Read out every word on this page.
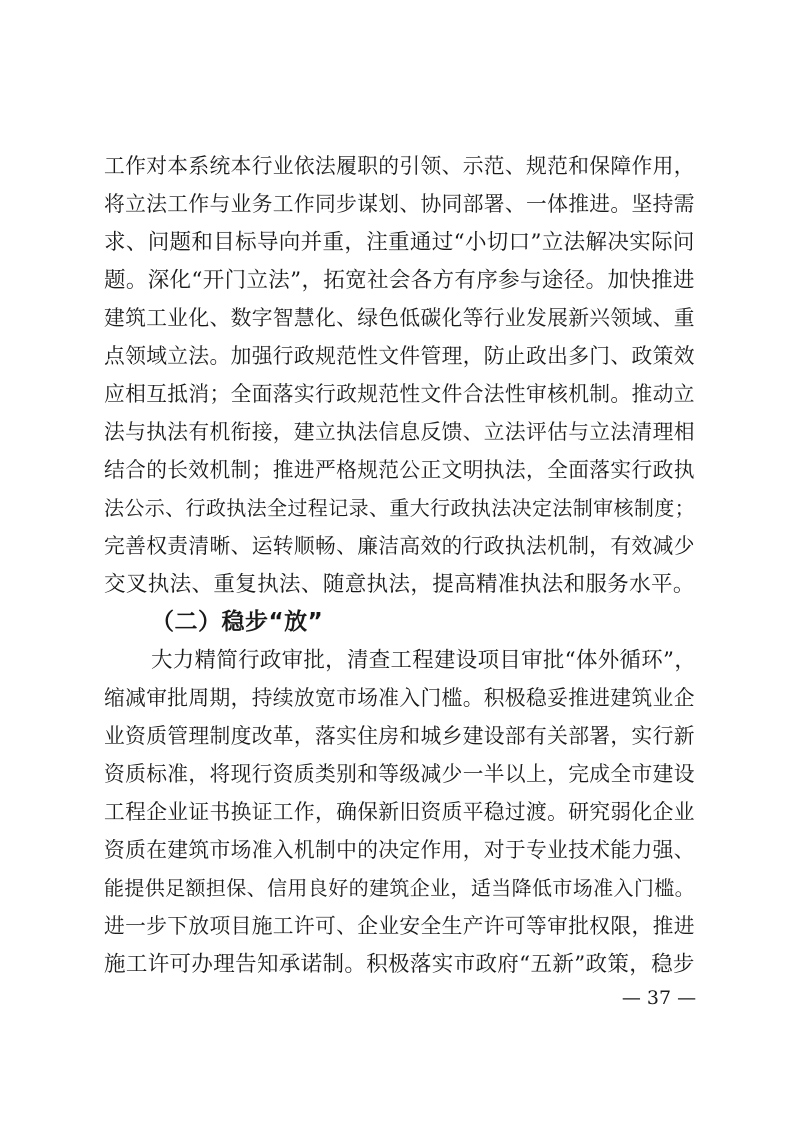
工作对本系统本行业依法履职的引领、示范、规范和保障作用，
将立法工作与业务工作同步谋划、协同部署、一体推进。坚持需
求、问题和目标导向并重，注重通过“小切口”立法解决实际问
题。深化“开门立法”，拓宽社会各方有序参与途径。加快推进
建筑工业化、数字智慧化、绿色低碳化等行业发展新兴领域、重
点领域立法。加强行政规范性文件管理，防止政出多门、政策效
应相互抵消；全面落实行政规范性文件合法性审核机制。推动立
法与执法有机衔接，建立执法信息反馈、立法评估与立法清理相
结合的长效机制；推进严格规范公正文明执法，全面落实行政执
法公示、行政执法全过程记录、重大行政执法决定法制审核制度；
完善权责清晰、运转顺畅、廉洁高效的行政执法机制，有效减少
交叉执法、重复执法、随意执法，提高精准执法和服务水平。
（二）稳步“放”
大力精简行政审批，清查工程建设项目审批“体外循环”，
缩减审批周期，持续放宽市场准入门槛。积极稳妥推进建筑业企
业资质管理制度改革，落实住房和城乡建设部有关部署，实行新
资质标准，将现行资质类别和等级减少一半以上，完成全市建设
工程企业证书换证工作，确保新旧资质平稳过渡。研究弱化企业
资质在建筑市场准入机制中的决定作用，对于专业技术能力强、
能提供足额担保、信用良好的建筑企业，适当降低市场准入门槛。
进一步下放项目施工许可、企业安全生产许可等审批权限，推进
施工许可办理告知承诺制。积极落实市政府“五新”政策，稳步
— 37 —
